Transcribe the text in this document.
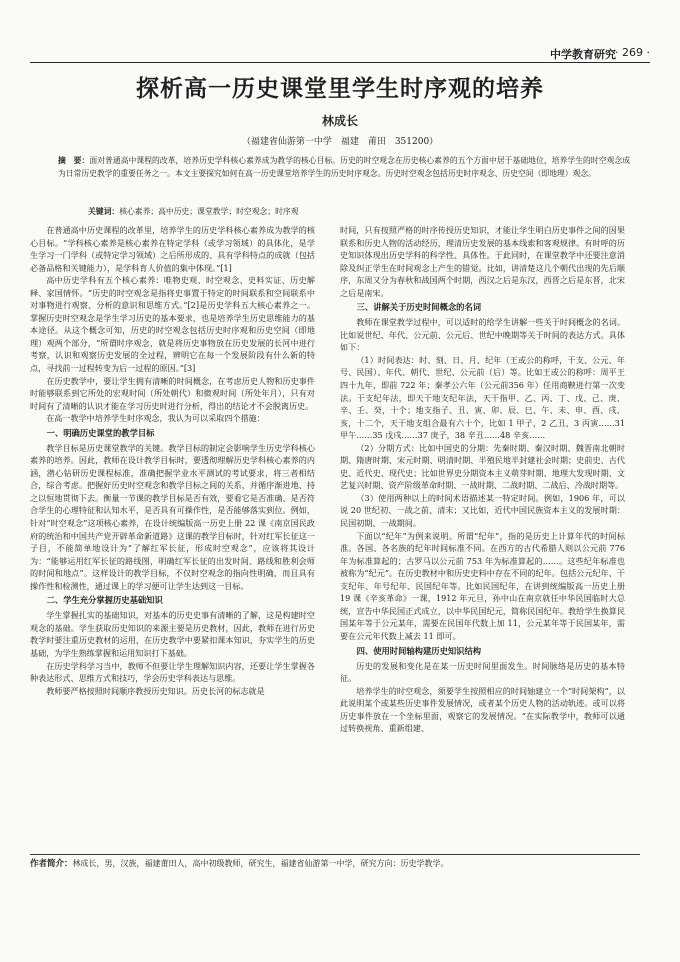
中学教育研究 · 269 ·
探析高一历史课堂里学生时序观的培养
林成长
（福建省仙游第一中学　福建　莆田　351200）
摘　要：面对普通高中课程的改革，培养历史学科核心素养成为教学的核心目标。历史的时空观念在历史核心素养的五个方面中居于基础地位，培养学生的时空观念成为日常历史教学的重要任务之一。本文主要探究如何在高一历史课堂培养学生的历史时序观念。历史时空观念包括历史时序观念、历史空间（即地理）观念。
关键词：核心素养；高中历史；课堂教学；时空观念；时序观

在普通高中历史课程的改革里，培养学生的历史学科核心素养成为教学的核心目标。“学科核心素养是核心素养在特定学科（或学习领域）的具体化，是学生学习一门学科（或特定学习领域）之后所形成的、具有学科特点的成就（包括必备品格和关键能力），是学科育人价值的集中体现。”[1]

高中历史学科有五个核心素养：唯物史观、时空观念、史料实证、历史解释、家国情怀。“历史的时空观念是指将史事置于特定的时间联系和空间联系中对事物进行观察、分析的意识和思维方式。”[2]是历史学科五大核心素养之一。掌握历史时空观念是学生学习历史的基本要求，也是培养学生历史思维能力的基本途径。从这个概念可知，历史的时空观念包括历史时序观和历史空间（即地理）观两个部分，“所谓时序观念，就是将历史事物放在历史发展的长河中进行考察，认识和观察历史发展的全过程，辨明它在每一个发展阶段有什么新的特点，寻找前一过程转变为后一过程的原因。”[3]

在历史教学中，要让学生拥有清晰的时间概念，在考虑历史人物和历史事件时能够联系到它所处的宏观时间（所处朝代）和微观时间（所处年月），只有对时间有了清晰的认识才能在学习历史时进行分析，得出的结论才不会脱离历史。

在高一教学中培养学生时序观念，我认为可以采取四个措施：

一、明确历史课堂的教学目标

教学目标是历史课堂教学的关键。教学目标的制定会影响学生历史学科核心素养的培养。因此，教师在设计教学目标时，要透彻理解历史学科核心素养的内涵，潜心钻研历史课程标准，准确把握学业水平测试的考试要求，将三者相结合，综合考虑。把握好历史时空观念和教学目标之间的关系，并循序渐进地、持之以恒地贯彻下去。衡量一节课的教学目标是否有效，要看它是否准确、是否符合学生的心理特征和认知水平，是否具有可操作性，是否能够落实到位。例如，针对“时空观念”这项核心素养，在设计统编版高一历史上册 22 课《南京国民政府的统治和中国共产党开辟革命新道路》这课的教学目标时，针对红军长征这一子目，不能简单地设计为“了解红军长征，形成时空观念”，应该将其设计为：“能够运用红军长征的路线图，明确红军长征的出发时间、路线和胜利会师的时间和地点”。这样设计的教学目标，不仅时空观念的指向性明确，而且具有操作性和检测性，通过课上的学习便可让学生达到这一目标。

二、学生充分掌握历史基础知识

学生掌握扎实的基础知识，对基本的历史史事有清晰的了解，这是构建时空观念的基础。学生获取历史知识的来源主要是历史教材，因此，教师在进行历史教学时要注重历史教材的运用，在历史教学中要紧扣课本知识，夯实学生的历史基础，为学生熟练掌握和运用知识打下基础。

在历史学科学习当中，教师不但要让学生理解知识内容，还要让学生掌握各种表达形式、思维方式和技巧，学会历史学科表达与思维。

教师要严格按照时间顺序教授历史知识。历史长河的标志就是

时间，只有按照严格的时序传授历史知识，才能让学生明白历史事件之间的因果联系和历史人物的活动经历，理清历史发展的基本线索和客观规律。有时呼的历史知识体现出历史学科的科学性、具体性。于此同时，在课堂教学中还要注意消除及纠正学生在时间观念上产生的错觉。比如，讲清楚这几个朝代出现的先后顺序，东周又分为春秋和战国两个时期，西汉之后是东汉，西晋之后是东晋，北宋之后是南宋。

三、讲解关于历史时间概念的名词

教师在课堂教学过程中，可以适时的给学生讲解一些关于时间概念的名词。比如说世纪、年代、公元前、公元后、世纪中晚期等关于时间的表达方式。具体如下：

（1）时间表达：时、刻、日、月、纪年（王或公的称呼，干支、公元、年号、民国）、年代、朝代、世纪、公元前（后）等。比如王或公的称呼：周平王四十九年，即前 722 年；秦孝公六年（公元前356 年）任用商鞅进行第一次变法。干支纪年法，即天干地支纪年法，天干指甲、乙、丙、丁、戊、己、庚、辛、壬、癸，十个；地支指子、丑、寅、卯、辰、巳、午、未、申、酉、戌、亥，十二个，天干地支组合最有六十个，比如 1 甲子，2 乙丑，3 丙寅……31 甲午……35 戊戌……37 庚子，38 辛丑……48 辛亥……

（2）分期方式：比如中国史的分期：先秦时期、秦汉时期、魏晋南北朝时期、隋唐时期、宋元时期、明清时期、半殖民地半封建社会时期；史前史、古代史、近代史、现代史；比如世界史分期资本主义萌芽时期、地理大发现时期、文艺复兴时期、资产阶级革命时期、一战时期、二战时期、二战后、冷战时期等。

（3）使用两种以上的时间术语描述某一特定时间。例如，1906 年，可以说 20 世纪初、一战之前、清末；又比如，近代中国民族资本主义的发展时期：民国初期、一战期间。

下面以“纪年”为例来说明。所谓“纪年”，指的是历史上计算年代的时间标准。各国、各名族的纪年时间标准不同。在西方的古代希腊人则以公元前 776 年为标准算起的；古罗马以公元前 753 年为标准算起的……。这些纪年标准也被称为“纪元”。在历史教材中和历史史料中存在不同的纪年。包括公元纪年、干支纪年、年号纪年、民国纪年等。比如民国纪年，在讲到统编版高一历史上册 19 课《辛亥革命》一课，1912 年元旦，孙中山在南京就任中华民国临时大总统，宣告中华民国正式成立，以中华民国纪元，简称民国纪年。教给学生换算民国某年等于公元某年，需要在民国年代数上加 11，公元某年等于民国某年，需要在公元年代数上减去 11 即可。

四、使用时间轴构建历史知识结构

历史的发展和变化是在某一历史时间里面发生。时间脉络是历史的基本特征。

培养学生的时空观念，须要学生按照相应的时间轴建立一个“时间架构”，以此说明某个或某些历史事件发展情况，或者某个历史人物的活动轨迹。或可以将历史事件放在一个坐标里面，观察它的发展情况。“在实际教学中，教师可以通过转换视角、重新组建、

作者简介：林成长，男，汉族，福建莆田人，高中初级教师，研究生，福建省仙游第一中学，研究方向：历史学教学。
